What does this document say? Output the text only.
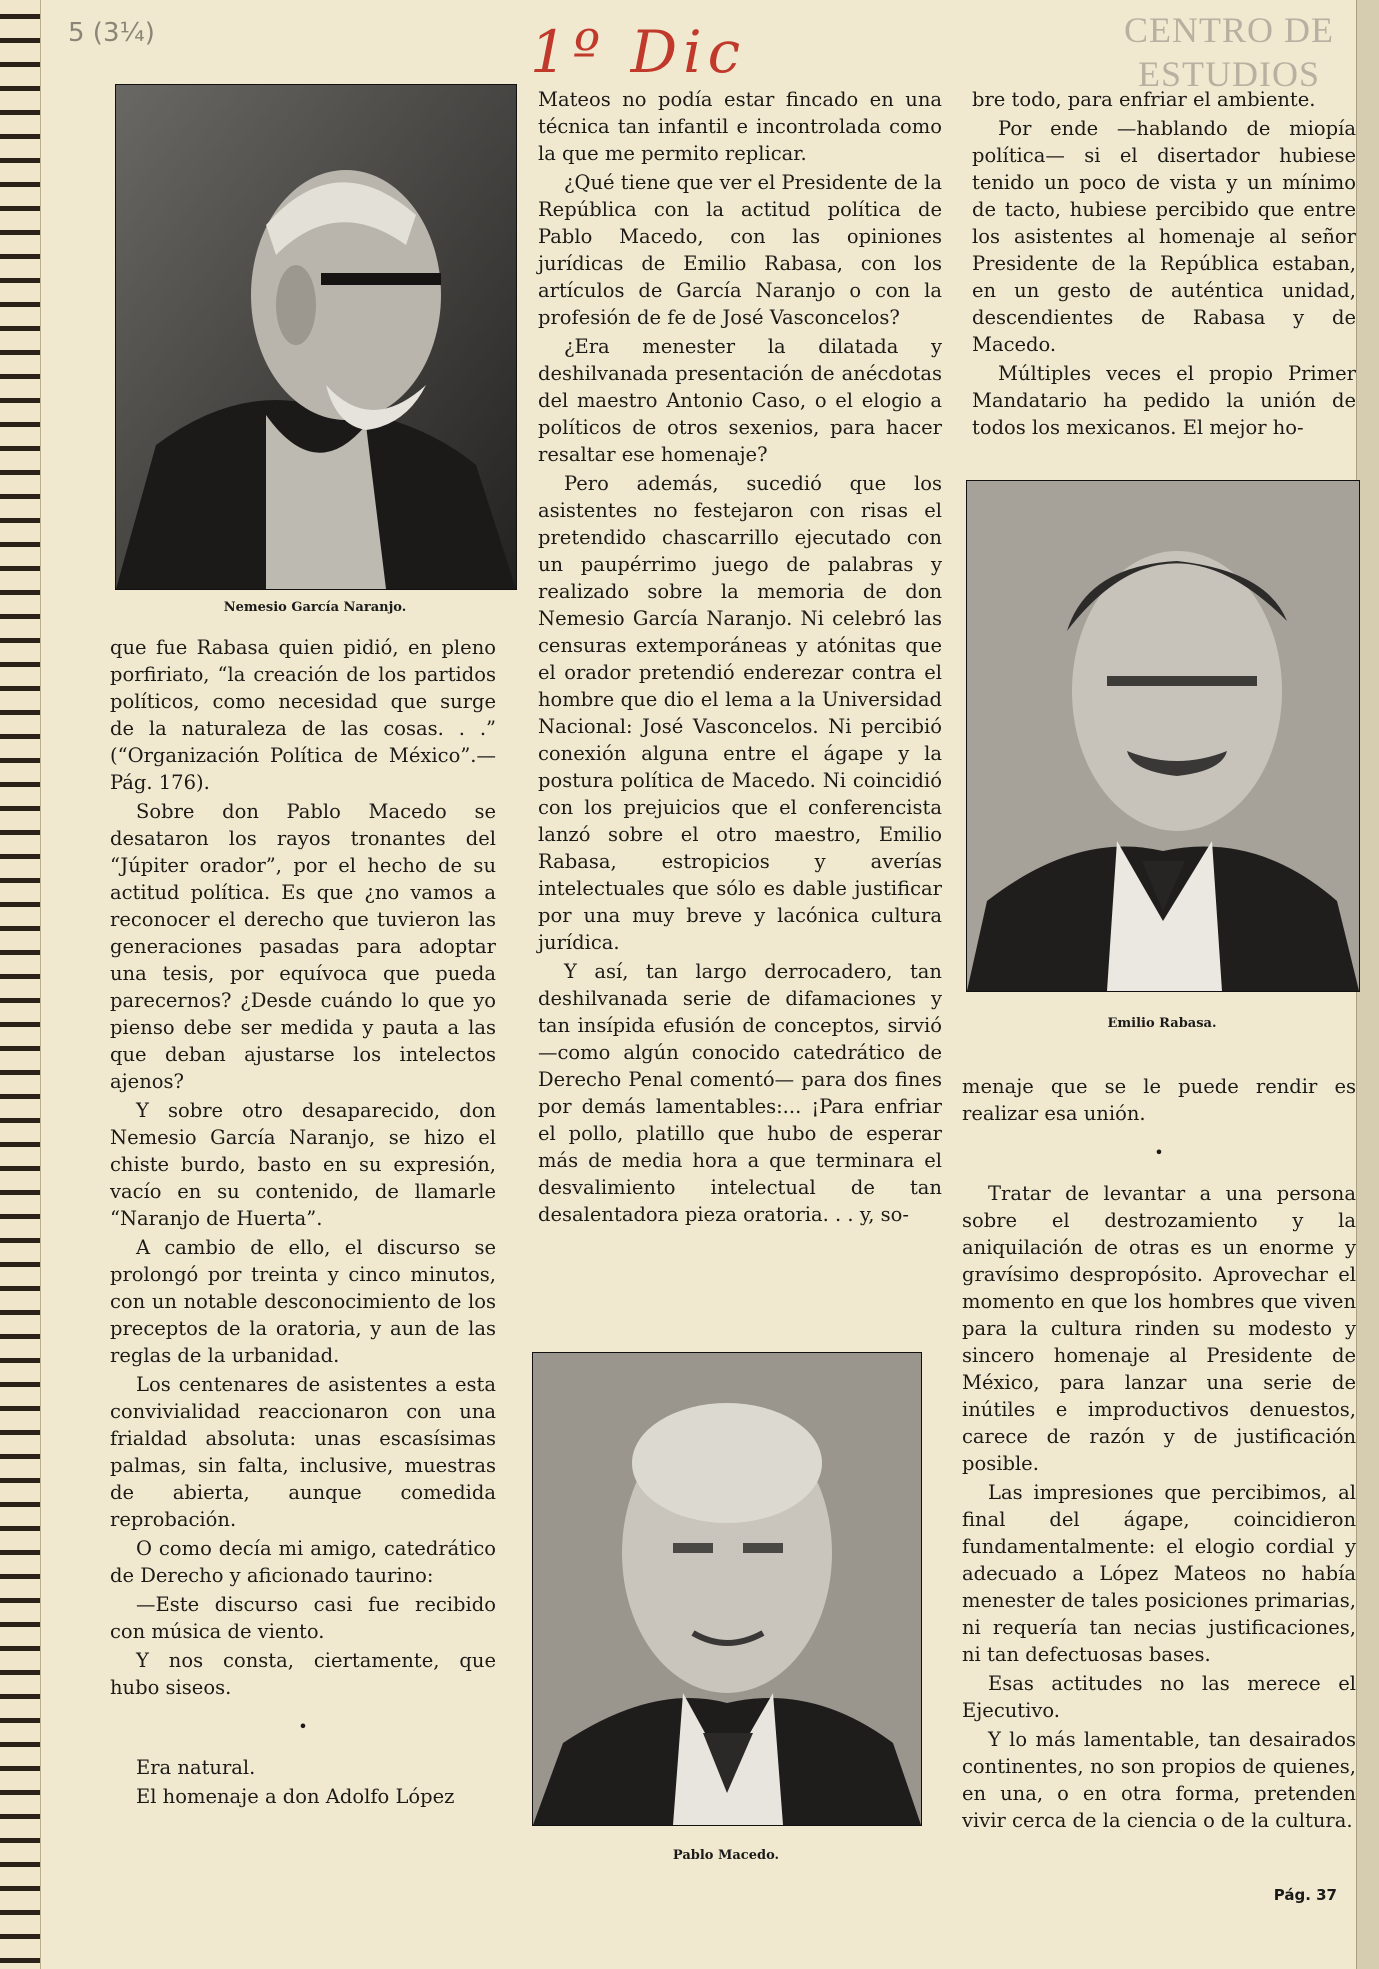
CENTRO DE
ESTUDIOS
5 (3¼)	1º Dic
Nemesio García Naranjo.

que fue Rabasa quien pidió, en pleno porfiriato, “la creación de los partidos políticos, como necesidad que surge de la naturaleza de las cosas. . .” (“Organización Política de México”.—Pág. 176).

Sobre don Pablo Macedo se desataron los rayos tronantes del “Júpiter orador”, por el hecho de su actitud política. Es que ¿no vamos a reconocer el derecho que tuvieron las generaciones pasadas para adoptar una tesis, por equívoca que pueda parecernos? ¿Desde cuándo lo que yo pienso debe ser medida y pauta a las que deban ajustarse los intelectos ajenos?

Y sobre otro desaparecido, don Nemesio García Naranjo, se hizo el chiste burdo, basto en su expresión, vacío en su contenido, de llamarle “Naranjo de Huerta”.

A cambio de ello, el discurso se prolongó por treinta y cinco minutos, con un notable desconocimiento de los preceptos de la oratoria, y aun de las reglas de la urbanidad.

Los centenares de asistentes a esta convivialidad reaccionaron con una frialdad absoluta: unas escasísimas palmas, sin falta, inclusive, muestras de abierta, aunque comedida reprobación.

O como decía mi amigo, catedrático de Derecho y aficionado taurino:

—Este discurso casi fue recibido con música de viento.

Y nos consta, ciertamente, que hubo siseos.

•

Era natural.

El homenaje a don Adolfo López

Mateos no podía estar fincado en una técnica tan infantil e incontrolada como la que me permito replicar.

¿Qué tiene que ver el Presidente de la República con la actitud política de Pablo Macedo, con las opiniones jurídicas de Emilio Rabasa, con los artículos de García Naranjo o con la profesión de fe de José Vasconcelos?

¿Era menester la dilatada y deshilvanada presentación de anécdotas del maestro Antonio Caso, o el elogio a políticos de otros sexenios, para hacer resaltar ese homenaje?

Pero además, sucedió que los asistentes no festejaron con risas el pretendido chascarrillo ejecutado con un paupérrimo juego de palabras y realizado sobre la memoria de don Nemesio García Naranjo. Ni celebró las censuras extemporáneas y atónitas que el orador pretendió enderezar contra el hombre que dio el lema a la Universidad Nacional: José Vasconcelos. Ni percibió conexión alguna entre el ágape y la postura política de Macedo. Ni coincidió con los prejuicios que el conferencista lanzó sobre el otro maestro, Emilio Rabasa, estropicios y averías intelectuales que sólo es dable justificar por una muy breve y lacónica cultura jurídica.

Y así, tan largo derrocadero, tan deshilvanada serie de difamaciones y tan insípida efusión de conceptos, sirvió —como algún conocido catedrático de Derecho Penal comentó— para dos fines por demás lamentables:... ¡Para enfriar el pollo, platillo que hubo de esperar más de media hora a que terminara el desvalimiento intelectual de tan desalentadora pieza oratoria. . . y, so-

Pablo Macedo.

bre todo, para enfriar el ambiente.

Por ende —hablando de miopía política— si el disertador hubiese tenido un poco de vista y un mínimo de tacto, hubiese percibido que entre los asistentes al homenaje al señor Presidente de la República estaban, en un gesto de auténtica unidad, descendientes de Rabasa y de Macedo.

Múltiples veces el propio Primer Mandatario ha pedido la unión de todos los mexicanos. El mejor ho-

Emilio Rabasa.

menaje que se le puede rendir es realizar esa unión.

•

Tratar de levantar a una persona sobre el destrozamiento y la aniquilación de otras es un enorme y gravísimo despropósito. Aprovechar el momento en que los hombres que viven para la cultura rinden su modesto y sincero homenaje al Presidente de México, para lanzar una serie de inútiles e improductivos denuestos, carece de razón y de justificación posible.

Las impresiones que percibimos, al final del ágape, coincidieron fundamentalmente: el elogio cordial y adecuado a López Mateos no había menester de tales posiciones primarias, ni requería tan necias justificaciones, ni tan defectuosas bases.

Esas actitudes no las merece el Ejecutivo.

Y lo más lamentable, tan desairados continentes, no son propios de quienes, en una, o en otra forma, pretenden vivir cerca de la ciencia o de la cultura.

Pág. 37
